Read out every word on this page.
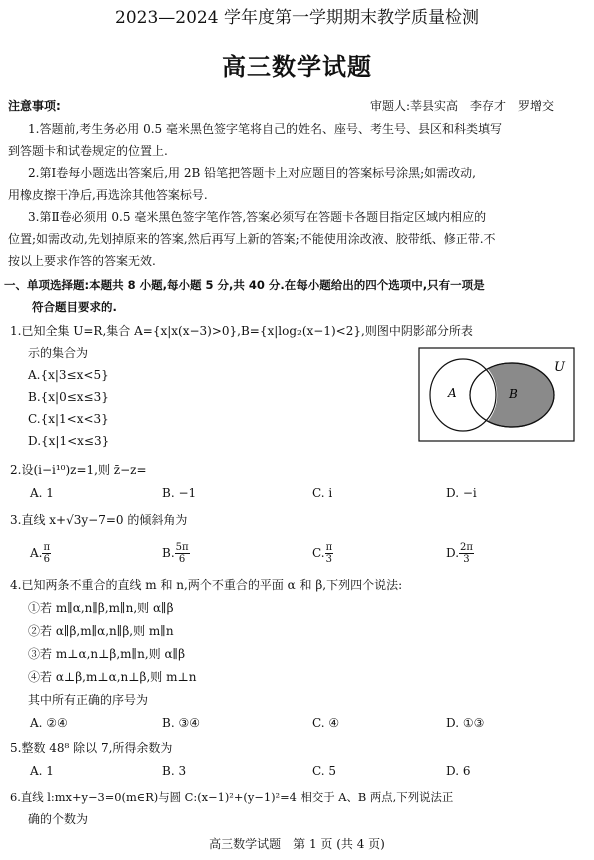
2023—2024 学年度第一学期期末教学质量检测
高三数学试题
注意事项:	审题人:莘县实高　李存才　罗增交
1.答题前,考生务必用 0.5 毫米黑色签字笔将自己的姓名、座号、考生号、县区和科类填写
到答题卡和试卷规定的位置上.
2.第Ⅰ卷每小题选出答案后,用 2B 铅笔把答题卡上对应题目的答案标号涂黑;如需改动,
用橡皮擦干净后,再选涂其他答案标号.
3.第Ⅱ卷必须用 0.5 毫米黑色签字笔作答,答案必须写在答题卡各题目指定区域内相应的
位置;如需改动,先划掉原来的答案,然后再写上新的答案;不能使用涂改液、胶带纸、修正带.不
按以上要求作答的答案无效.
一、单项选择题:本题共 8 小题,每小题 5 分,共 40 分.在每小题给出的四个选项中,只有一项是
符合题目要求的.
1.已知全集 U=R,集合 A={x|x(x−3)>0},B={x|log₂(x−1)<2},则图中阴影部分所表
示的集合为
A.{x|3≤x<5}
B.{x|0≤x≤3}
C.{x|1<x<3}
D.{x|1<x≤3}
U
A	B
2.设(i−i¹⁰)z=1,则 z̄−z=
A. 1	B. −1	C. i	D. −i
3.直线 x+√3y−7=0 的倾斜角为
A. $\frac{\pi}{6}$	B. $\frac{5\pi}{6}$	C. $\frac{\pi}{3}$	D. $\frac{2\pi}{3}$
4.已知两条不重合的直线 m 和 n,两个不重合的平面 α 和 β,下列四个说法:
①若 m∥α,n∥β,m∥n,则 α∥β
②若 α∥β,m∥α,n∥β,则 m∥n
③若 m⊥α,n⊥β,m∥n,则 α∥β
④若 α⊥β,m⊥α,n⊥β,则 m⊥n
其中所有正确的序号为
A. ②④	B. ③④	C. ④	D. ①③
5.整数 48⁸ 除以 7,所得余数为
A. 1	B. 3	C. 5	D. 6
6.直线 l:mx+y−3=0(m∈R)与圆 C:(x−1)²+(y−1)²=4 相交于 A、B 两点,下列说法正
确的个数为
高三数学试题　第 1 页 (共 4 页)
